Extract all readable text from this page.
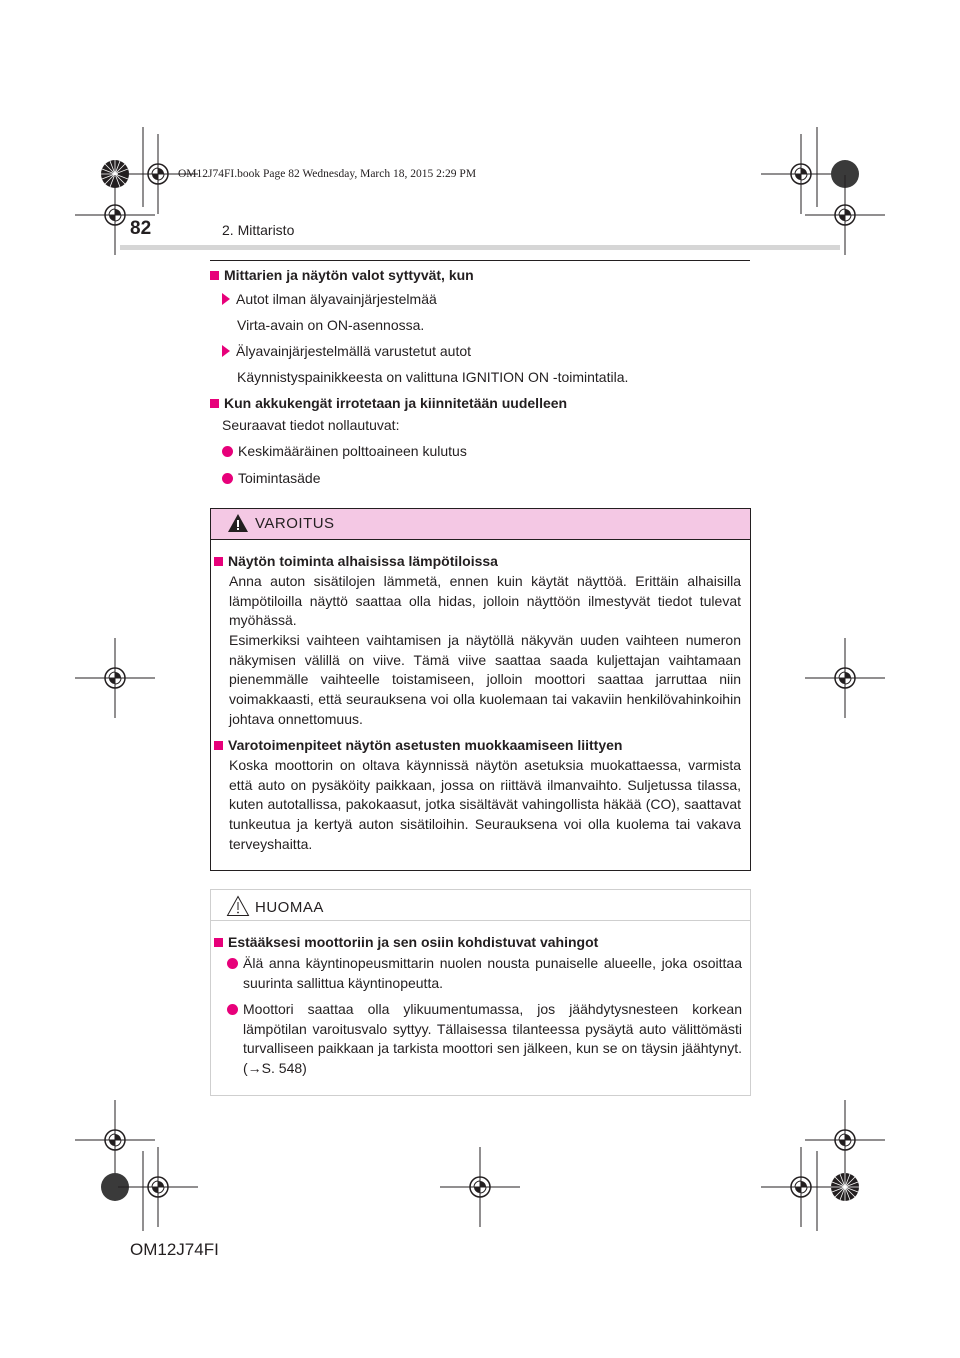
OM12J74FI.book Page 82 Wednesday, March 18, 2015 2:29 PM
82	2. Mittaristo
Mittarien ja näytön valot syttyvät, kun
Autot ilman älyavainjärjestelmää
Virta-avain on ON-asennossa.
Älyavainjärjestelmällä varustetut autot
Käynnistyspainikkeesta on valittuna IGNITION ON -toimintatila.
Kun akkukengät irrotetaan ja kiinnitetään uudelleen
Seuraavat tiedot nollautuvat:
Keskimääräinen polttoaineen kulutus
Toimintasäde
VAROITUS
Näytön toiminta alhaisissa lämpötiloissa
Anna auton sisätilojen lämmetä, ennen kuin käytät näyttöä. Erittäin alhaisilla lämpötiloilla näyttö saattaa olla hidas, jolloin näyttöön ilmestyvät tiedot tulevat myöhässä.
Esimerkiksi vaihteen vaihtamisen ja näytöllä näkyvän uuden vaihteen numeron näkymisen välillä on viive. Tämä viive saattaa saada kuljettajan vaihtamaan pienemmälle vaihteelle toistamiseen, jolloin moottori saattaa jarruttaa niin voimakkaasti, että seurauksena voi olla kuolemaan tai vakaviin henkilövahinkoihin johtava onnettomuus.
Varotoimenpiteet näytön asetusten muokkaamiseen liittyen
Koska moottorin on oltava käynnissä näytön asetuksia muokattaessa, varmista että auto on pysäköity paikkaan, jossa on riittävä ilmanvaihto. Suljetussa tilassa, kuten autotallissa, pakokaasut, jotka sisältävät vahingollista häkää (CO), saattavat tunkeutua ja kertyä auton sisätiloihin. Seurauksena voi olla kuolema tai vakava terveyshaitta.
HUOMAA
Estääksesi moottoriin ja sen osiin kohdistuvat vahingot
Älä anna käyntinopeusmittarin nuolen nousta punaiselle alueelle, joka osoittaa suurinta sallittua käyntinopeutta.
Moottori saattaa olla ylikuumentumassa, jos jäähdytysnesteen korkean lämpötilan varoitusvalo syttyy. Tällaisessa tilanteessa pysäytä auto välittömästi turvalliseen paikkaan ja tarkista moottori sen jälkeen, kun se on täysin jäähtynyt. (→S. 548)
OM12J74FI
